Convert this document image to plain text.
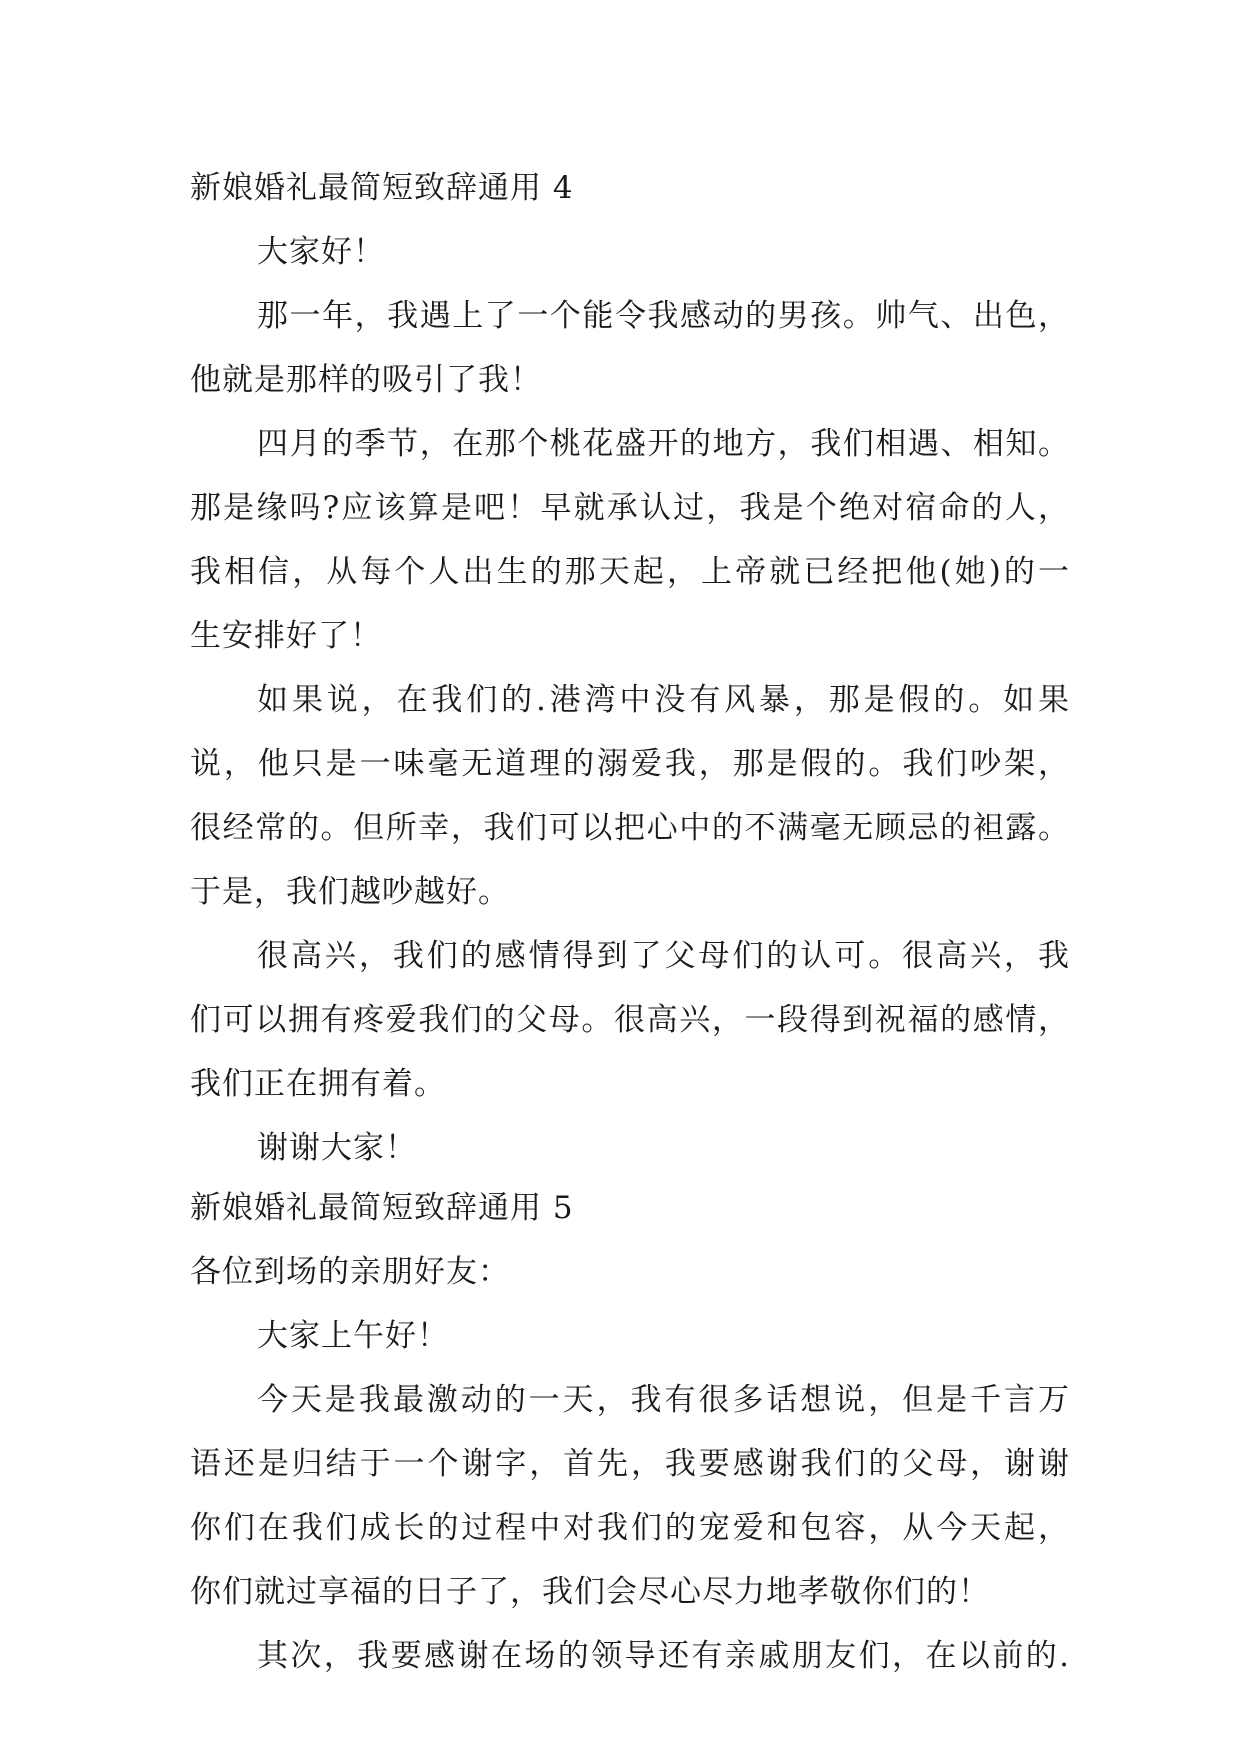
新娘婚礼最简短致辞通用 4
大家好！
那一年，我遇上了一个能令我感动的男孩。帅气、出色，
他就是那样的吸引了我！
四月的季节，在那个桃花盛开的地方，我们相遇、相知。
那是缘吗?应该算是吧！早就承认过，我是个绝对宿命的人，
我相信，从每个人出生的那天起，上帝就已经把他(她)的一
生安排好了！
如果说，在我们的.港湾中没有风暴，那是假的。如果
说，他只是一味毫无道理的溺爱我，那是假的。我们吵架，
很经常的。但所幸，我们可以把心中的不满毫无顾忌的袒露。
于是，我们越吵越好。
很高兴，我们的感情得到了父母们的认可。很高兴，我
们可以拥有疼爱我们的父母。很高兴，一段得到祝福的感情，
我们正在拥有着。
谢谢大家！
新娘婚礼最简短致辞通用 5
各位到场的亲朋好友：
大家上午好！
今天是我最激动的一天，我有很多话想说，但是千言万
语还是归结于一个谢字，首先，我要感谢我们的父母，谢谢
你们在我们成长的过程中对我们的宠爱和包容，从今天起，
你们就过享福的日子了，我们会尽心尽力地孝敬你们的！
其次，我要感谢在场的领导还有亲戚朋友们，在以前的.
